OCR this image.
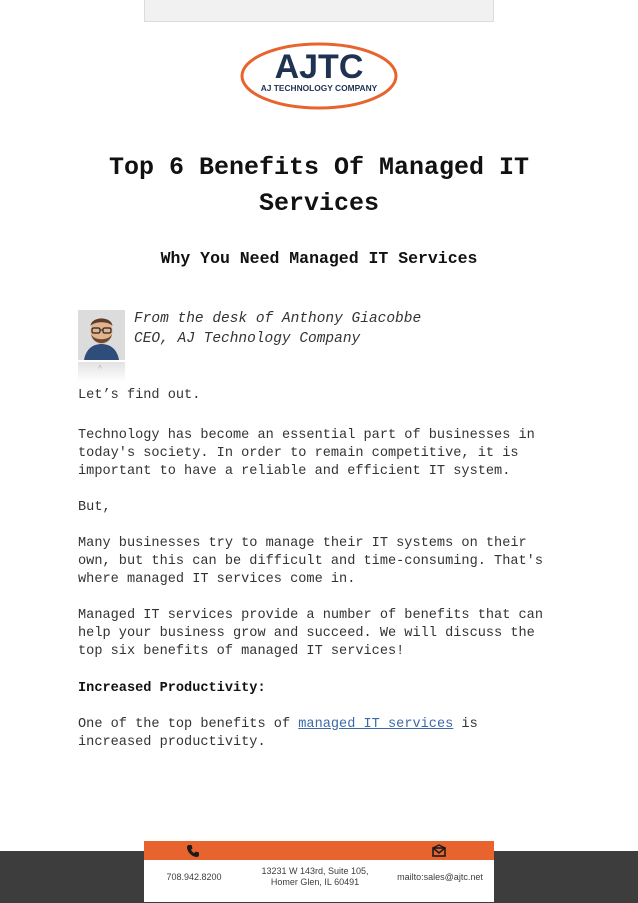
AJTC
AJ TECHNOLOGY COMPANY
Top 6 Benefits Of Managed IT Services
Why You Need Managed IT Services
^
From the desk of Anthony Giacobbe
CEO, AJ Technology Company

Let’s find out.

Technology has become an essential part of businesses in
today's society. In order to remain competitive, it is
important to have a reliable and efficient IT system.

But,

Many businesses try to manage their IT systems on their
own, but this can be difficult and time-consuming. That's
where managed IT services come in.

Managed IT services provide a number of benefits that can
help your business grow and succeed. We will discuss the
top six benefits of managed IT services!

Increased Productivity:

One of the top benefits of managed IT services is
increased productivity.

708.942.8200
13231 W 143rd, Suite 105,
Homer Glen, IL 60491	mailto:sales@ajtc.net
